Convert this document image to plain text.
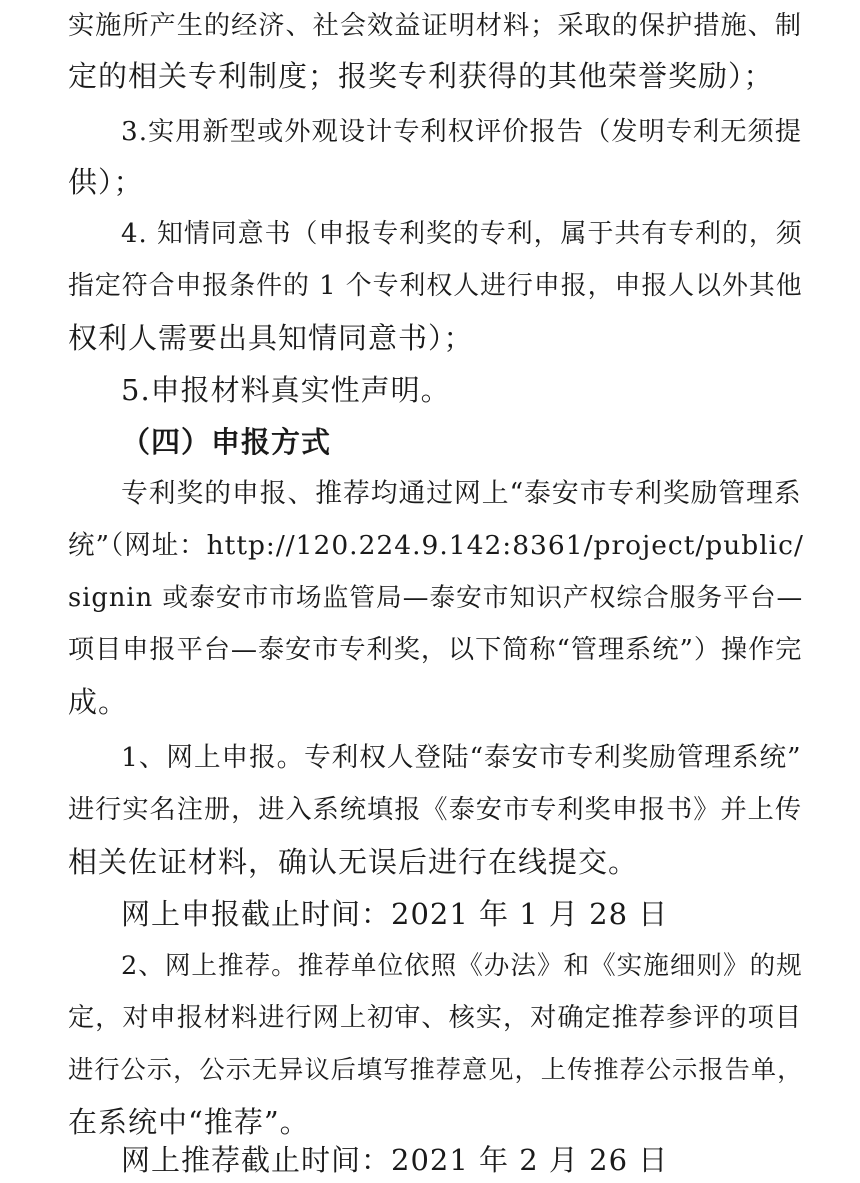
实施所产生的经济、社会效益证明材料；采取的保护措施、制
定的相关专利制度；报奖专利获得的其他荣誉奖励）；
3.实用新型或外观设计专利权评价报告（发明专利无须提
供）；
4. 知情同意书（申报专利奖的专利，属于共有专利的，须
指定符合申报条件的 1 个专利权人进行申报，申报人以外其他
权利人需要出具知情同意书）；
5.申报材料真实性声明。
（四）申报方式
专利奖的申报、推荐均通过网上“泰安市专利奖励管理系
统”（网址：http://120.224.9.142:8361/project/public/
signin 或泰安市市场监管局—泰安市知识产权综合服务平台—
项目申报平台—泰安市专利奖，以下简称“管理系统”）操作完
成。
1、网上申报。专利权人登陆“泰安市专利奖励管理系统”
进行实名注册，进入系统填报《泰安市专利奖申报书》并上传
相关佐证材料，确认无误后进行在线提交。
网上申报截止时间：2021 年 1 月 28 日
2、网上推荐。推荐单位依照《办法》和《实施细则》的规
定，对申报材料进行网上初审、核实，对确定推荐参评的项目
进行公示，公示无异议后填写推荐意见，上传推荐公示报告单，
在系统中“推荐”。
网上推荐截止时间：2021 年 2 月 26 日
